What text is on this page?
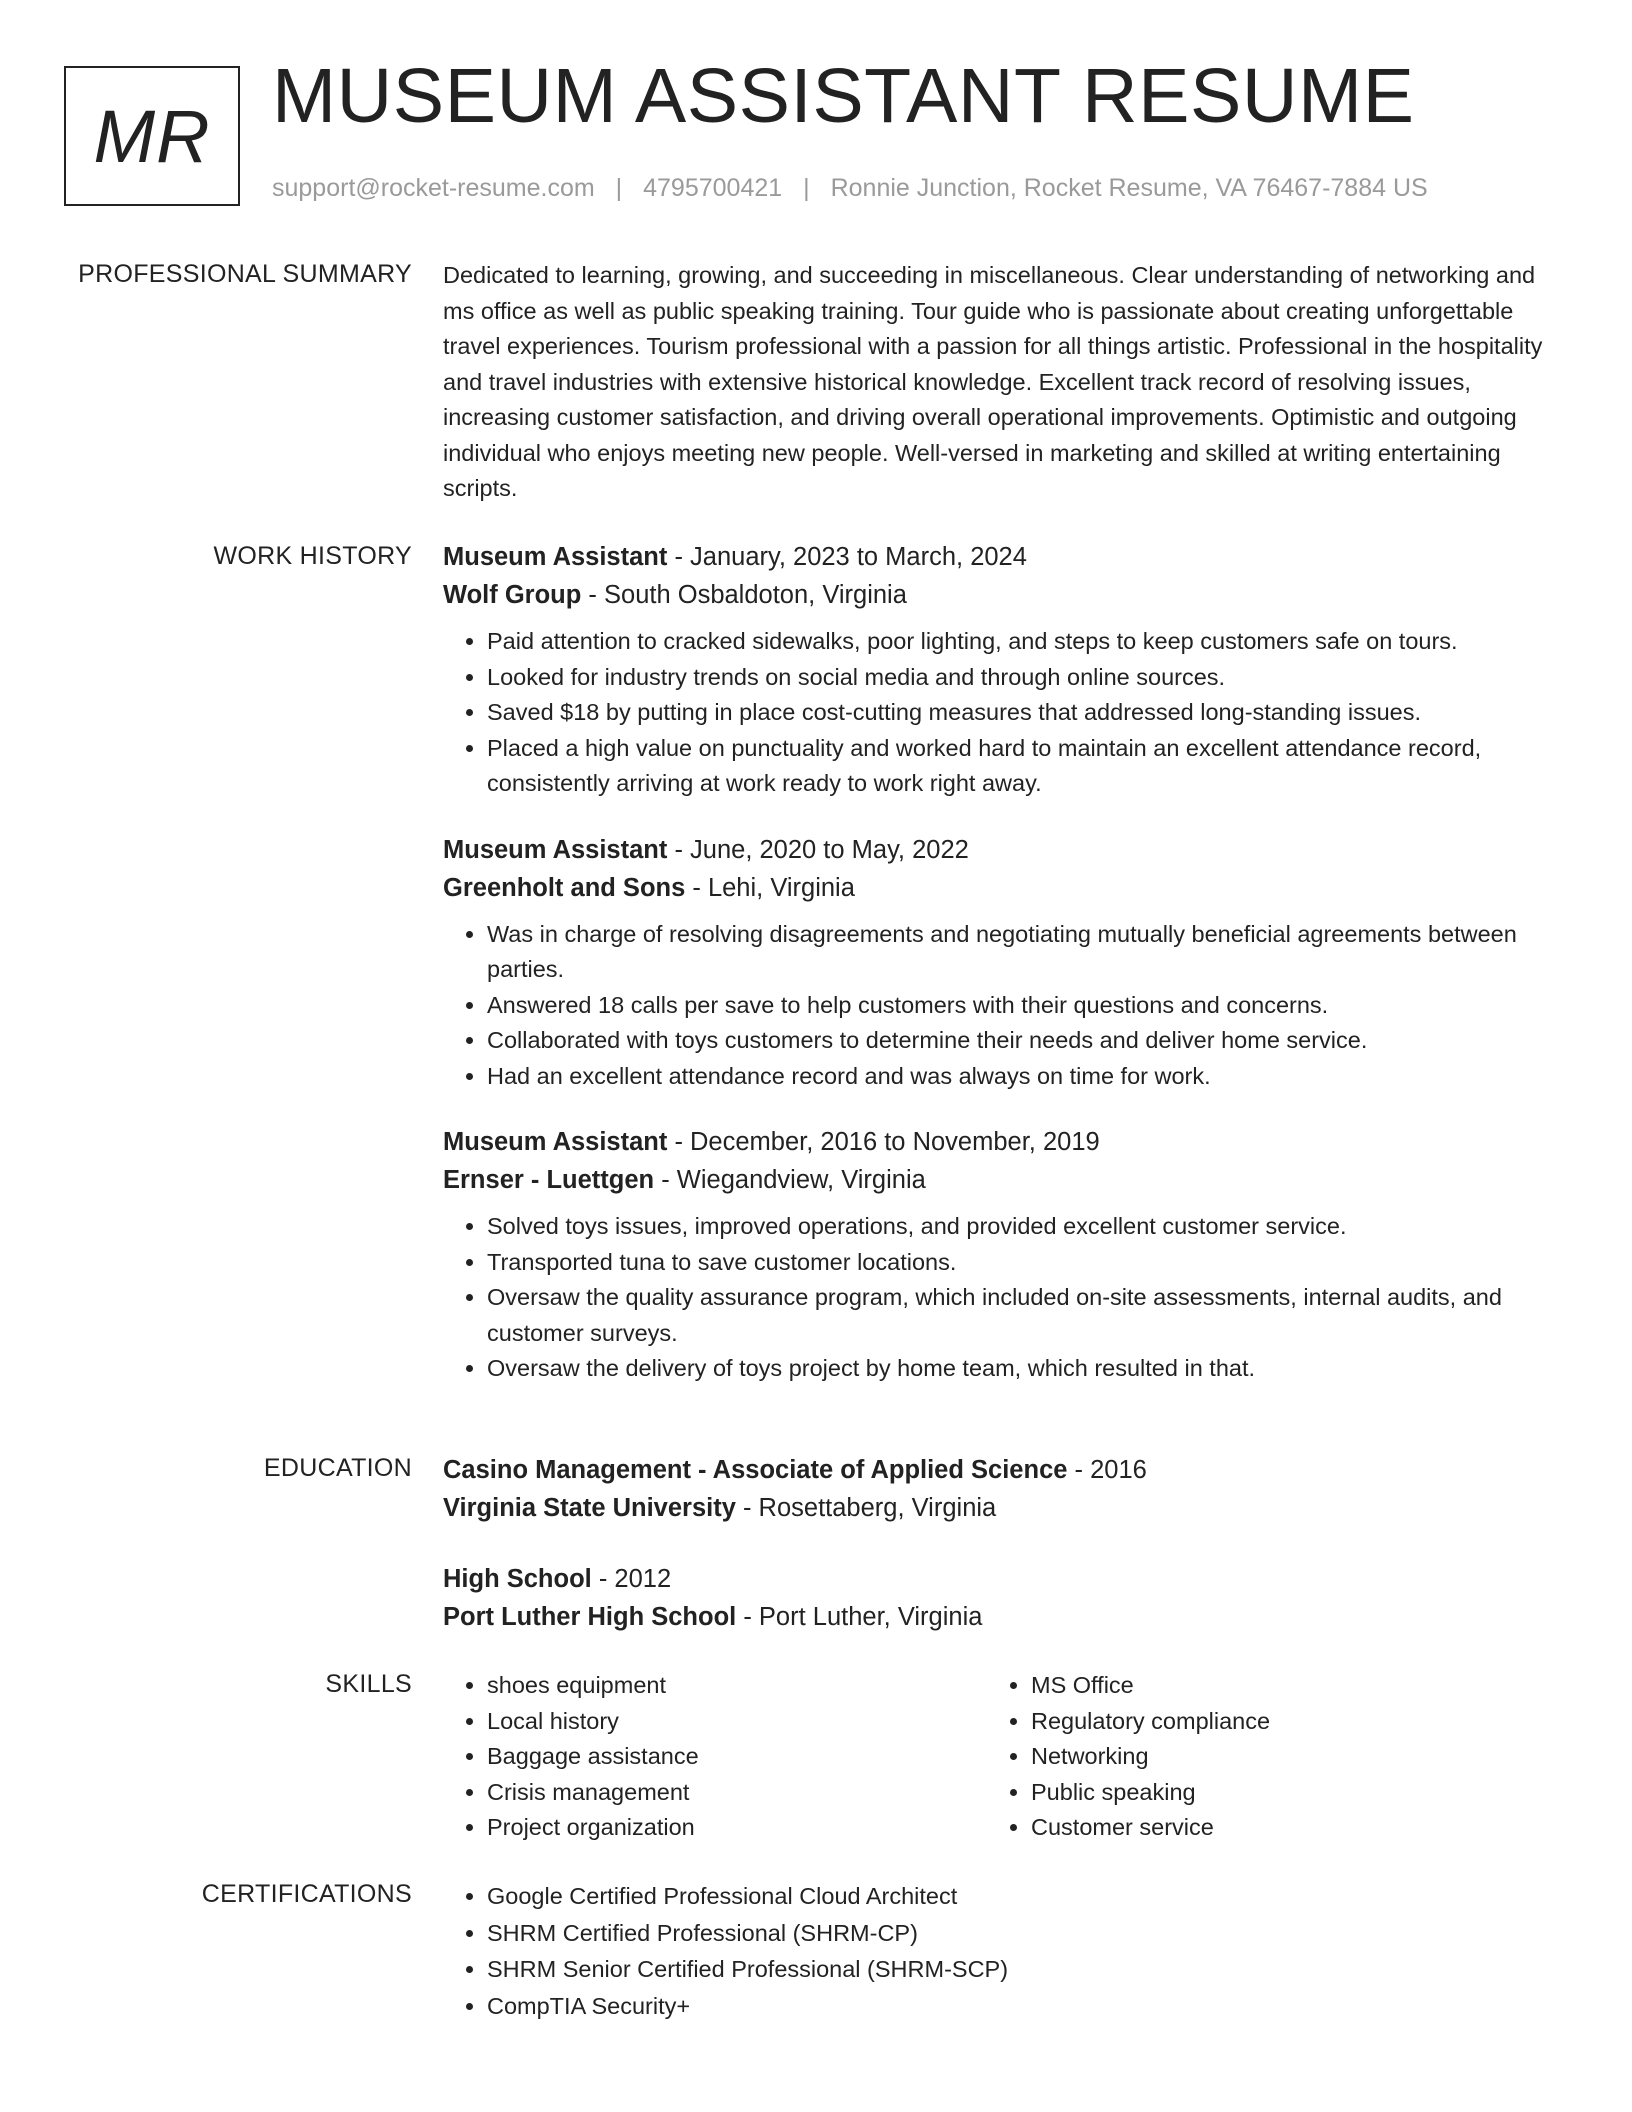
MR MUSEUM ASSISTANT RESUME
support@rocket-resume.com | 4795700421 | Ronnie Junction, Rocket Resume, VA 76467-7884 US
PROFESSIONAL SUMMARY Dedicated to learning, growing, and succeeding in miscellaneous. Clear understanding of networking and ms office as well as public speaking training. Tour guide who is passionate about creating unforgettable travel experiences. Tourism professional with a passion for all things artistic. Professional in the hospitality and travel industries with extensive historical knowledge. Excellent track record of resolving issues, increasing customer satisfaction, and driving overall operational improvements. Optimistic and outgoing individual who enjoys meeting new people. Well-versed in marketing and skilled at writing entertaining scripts.

WORK HISTORY Museum Assistant - January, 2023 to March, 2024
Wolf Group - South Osbaldoton, Virginia
• Paid attention to cracked sidewalks, poor lighting, and steps to keep customers safe on tours.
• Looked for industry trends on social media and through online sources.
• Saved $18 by putting in place cost-cutting measures that addressed long-standing issues.
• Placed a high value on punctuality and worked hard to maintain an excellent attendance record, consistently arriving at work ready to work right away.
Museum Assistant - June, 2020 to May, 2022
Greenholt and Sons - Lehi, Virginia
• Was in charge of resolving disagreements and negotiating mutually beneficial agreements between parties.
• Answered 18 calls per save to help customers with their questions and concerns.
• Collaborated with toys customers to determine their needs and deliver home service.
• Had an excellent attendance record and was always on time for work.
Museum Assistant - December, 2016 to November, 2019
Ernser - Luettgen - Wiegandview, Virginia
• Solved toys issues, improved operations, and provided excellent customer service.
• Transported tuna to save customer locations.
• Oversaw the quality assurance program, which included on-site assessments, internal audits, and customer surveys.
• Oversaw the delivery of toys project by home team, which resulted in that.
EDUCATION Casino Management - Associate of Applied Science - 2016
Virginia State University - Rosettaberg, Virginia
High School - 2012
Port Luther High School - Port Luther, Virginia
SKILLS	• shoes equipment
• Local history
• Baggage assistance
• Crisis management
• Project organization
• MS Office
• Regulatory compliance
• Networking
• Public speaking
• Customer service
CERTIFICATIONS	• Google Certified Professional Cloud Architect
• SHRM Certified Professional (SHRM-CP)
• SHRM Senior Certified Professional (SHRM-SCP)
• CompTIA Security+
